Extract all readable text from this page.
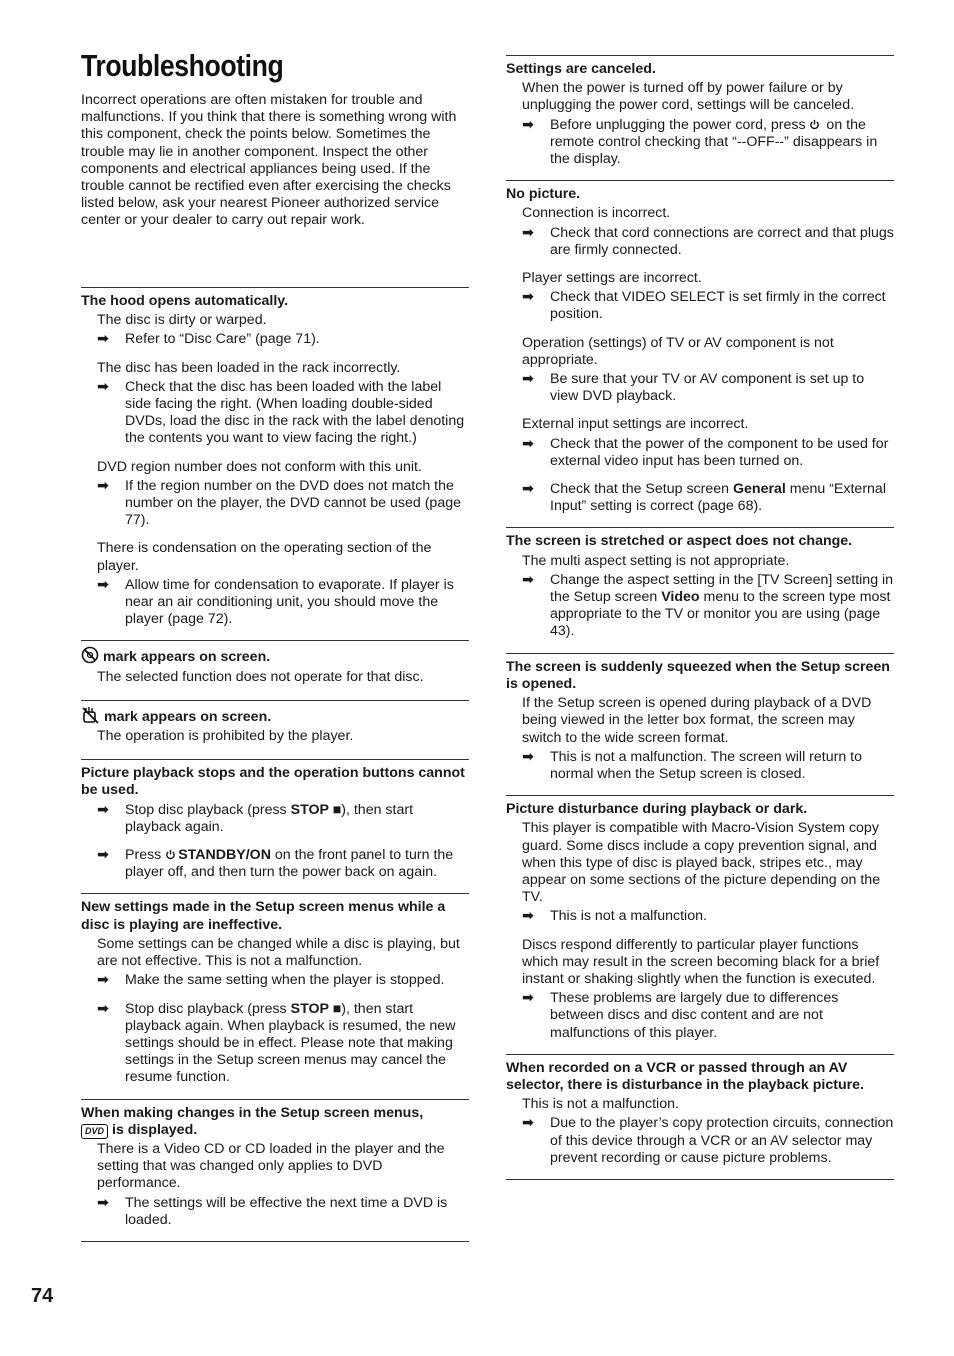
Troubleshooting

Incorrect operations are often mistaken for trouble and malfunctions. If you think that there is something wrong with this component, check the points below. Sometimes the trouble may lie in another component. Inspect the other components and electrical appliances being used. If the trouble cannot be rectified even after exercising the checks listed below, ask your nearest Pioneer authorized service center or your dealer to carry out repair work.

The hood opens automatically.
The disc is dirty or warped.
➡	Refer to “Disc Care” (page 71).
The disc has been loaded in the rack incorrectly.
➡	Check that the disc has been loaded with the label side facing the right. (When loading double-sided DVDs, load the disc in the rack with the label denoting the contents you want to view facing the right.)
DVD region number does not conform with this unit.
➡	If the region number on the DVD does not match the number on the player, the DVD cannot be used (page 77).
There is condensation on the operating section of the player.
➡	Allow time for condensation to evaporate. If player is near an air conditioning unit, you should move the player (page 72).
mark appears on screen.
The selected function does not operate for that disc.
mark appears on screen.
The operation is prohibited by the player.
Picture playback stops and the operation buttons cannot be used.
➡	Stop disc playback (press STOP ■), then start playback again.
➡	Press STANDBY/ON on the front panel to turn the player off, and then turn the power back on again.
New settings made in the Setup screen menus while a disc is playing are ineffective.
Some settings can be changed while a disc is playing, but are not effective. This is not a malfunction.
➡	Make the same setting when the player is stopped.
➡	Stop disc playback (press STOP ■), then start playback again. When playback is resumed, the new settings should be in effect. Please note that making settings in the Setup screen menus may cancel the resume function.
When making changes in the Setup screen menus,
DVD is displayed.
There is a Video CD or CD loaded in the player and the setting that was changed only applies to DVD performance.
➡	The settings will be effective the next time a DVD is loaded.
Settings are canceled.
When the power is turned off by power failure or by unplugging the power cord, settings will be canceled.
➡	Before unplugging the power cord, press  on the remote control checking that “--OFF--” disappears in the display.
No picture.
Connection is incorrect.
➡	Check that cord connections are correct and that plugs are firmly connected.
Player settings are incorrect.
➡	Check that VIDEO SELECT is set firmly in the correct position.
Operation (settings) of TV or AV component is not appropriate.
➡	Be sure that your TV or AV component is set up to view DVD playback.
External input settings are incorrect.
➡	Check that the power of the component to be used for external video input has been turned on.
➡	Check that the Setup screen General menu “External Input” setting is correct (page 68).
The screen is stretched or aspect does not change.
The multi aspect setting is not appropriate.
➡	Change the aspect setting in the [TV Screen] setting in the Setup screen Video menu to the screen type most appropriate to the TV or monitor you are using (page 43).
The screen is suddenly squeezed when the Setup screen is opened.
If the Setup screen is opened during playback of a DVD being viewed in the letter box format, the screen may switch to the wide screen format.
➡	This is not a malfunction. The screen will return to normal when the Setup screen is closed.
Picture disturbance during playback or dark.
This player is compatible with Macro-Vision System copy guard. Some discs include a copy prevention signal, and when this type of disc is played back, stripes etc., may appear on some sections of the picture depending on the TV.
➡	This is not a malfunction.
Discs respond differently to particular player functions which may result in the screen becoming black for a brief instant or shaking slightly when the function is executed.
➡	These problems are largely due to differences between discs and disc content and are not malfunctions of this player.
When recorded on a VCR or passed through an AV selector, there is disturbance in the playback picture.
This is not a malfunction.
➡	Due to the player’s copy protection circuits, connection of this device through a VCR or an AV selector may prevent recording or cause picture problems.

74
